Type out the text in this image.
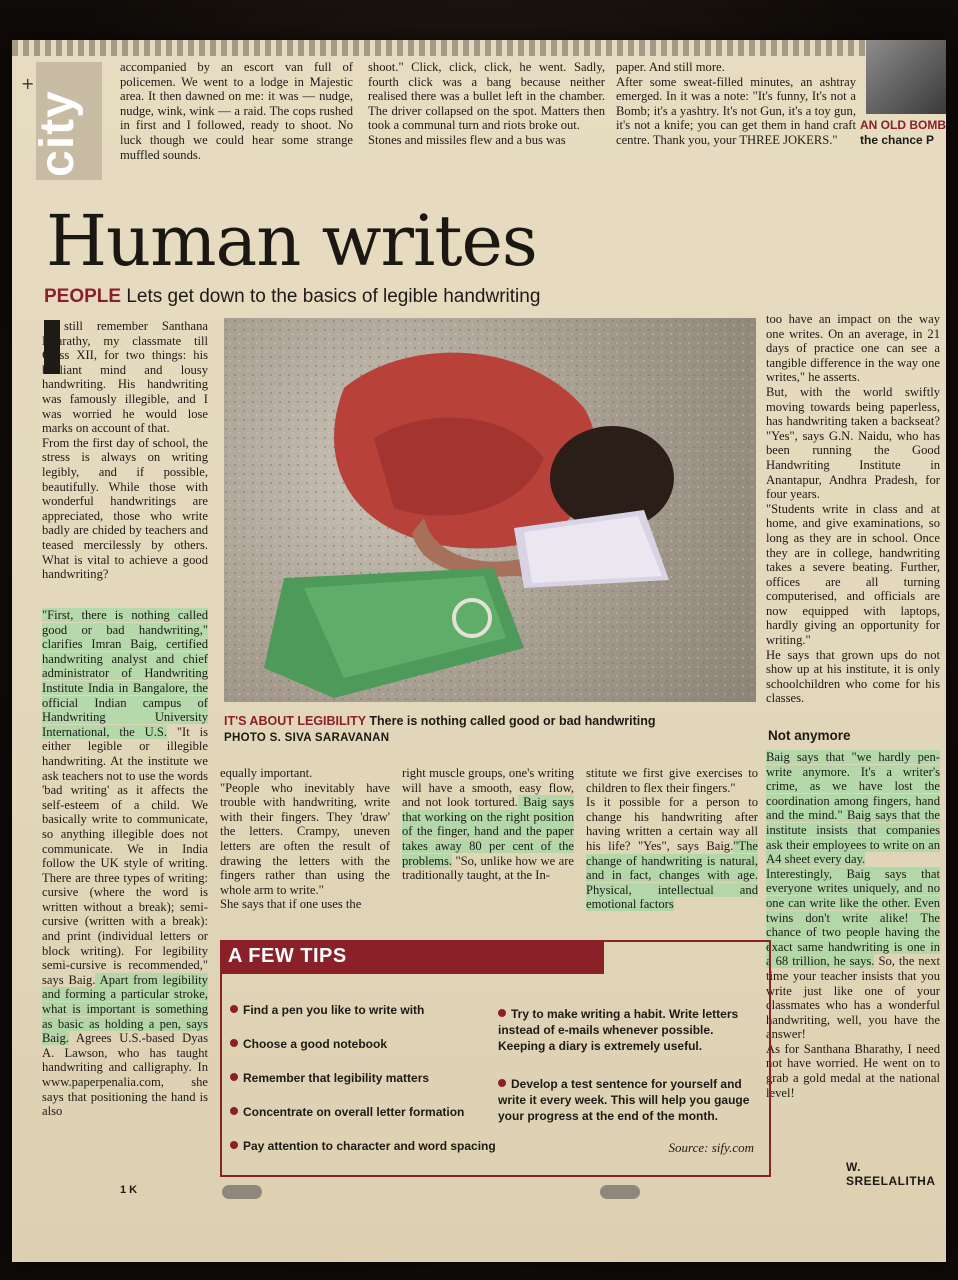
city
+
accompanied by an escort van full of policemen. We went to a lodge in Majestic area. It then dawned on me: it was — nudge, nudge, wink, wink — a raid. The cops rushed in first and I followed, ready to shoot. No luck though we could hear some strange muffled sounds.
shoot." Click, click, click, he went. Sadly, fourth click was a bang because neither realised there was a bullet left in the chamber. The driver collapsed on the spot. Matters then took a communal turn and riots broke out.
Stones and missiles flew and a bus was
paper. And still more.
After some sweat-filled minutes, an ashtray emerged. In it was a note: "It's funny, It's not a Bomb; it's a yashtry. It's not Gun, it's a toy gun, it's not a knife; you can get them in hand craft centre. Thank you, your THREE JOKERS."
AN OLD BOMB
the chance P
Human writes
PEOPLE Lets get down to the basics of legible handwriting
IT'S ABOUT LEGIBILITY There is nothing called good or bad handwriting
PHOTO S. SIVA SARAVANAN
still remember Santhana Bharathy, my classmate till Class XII, for two things: his brilliant mind and lousy handwriting. His handwriting was famously illegible, and I was worried he would lose marks on account of that.
From the first day of school, the stress is always on writing legibly, and if possible, beautifully. While those with wonderful handwritings are appreciated, those who write badly are chided by teachers and teased mercilessly by others. What is vital to achieve a good handwriting?
"First, there is nothing called good or bad handwriting," clarifies Imran Baig, certified handwriting analyst and chief administrator of Handwriting Institute India in Bangalore, the official Indian campus of Handwriting University International, the U.S. "It is either legible or illegible handwriting. At the institute we ask teachers not to use the words 'bad writing' as it affects the self-esteem of a child. We basically write to communicate, so anything illegible does not communicate. We in India follow the UK style of writing. There are three types of writing: cursive (where the word is written without a break); semi-cursive (written with a break): and print (individual letters or block writing). For legibility semi-cursive is recommended," says Baig. Apart from legibility and forming a particular stroke, what is important is something as basic as holding a pen, says Baig. Agrees U.S.-based Dyas A. Lawson, who has taught handwriting and calligraphy. In www.paperpenalia.com, she says that positioning the hand is also
equally important.
"People who inevitably have trouble with handwriting, write with their fingers. They 'draw' the letters. Crampy, uneven letters are often the result of drawing the letters with the fingers rather than using the whole arm to write."
She says that if one uses the
right muscle groups, one's writing will have a smooth, easy flow, and not look tortured. Baig says that working on the right position of the finger, hand and the paper takes away 80 per cent of the problems. "So, unlike how we are traditionally taught, at the In-
stitute we first give exercises to children to flex their fingers."
Is it possible for a person to change his handwriting after having written a certain way all his life? "Yes", says Baig."The change of handwriting is natural, and in fact, changes with age. Physical, intellectual and emotional factors
too have an impact on the way one writes. On an average, in 21 days of practice one can see a tangible difference in the way one writes," he asserts.
But, with the world swiftly moving towards being paperless, has handwriting taken a backseat? "Yes", says G.N. Naidu, who has been running the Good Handwriting Institute in Anantapur, Andhra Pradesh, for four years.
"Students write in class and at home, and give examinations, so long as they are in school. Once they are in college, handwriting takes a severe beating. Further, offices are all turning computerised, and officials are now equipped with laptops, hardly giving an opportunity for writing."
He says that grown ups do not show up at his institute, it is only schoolchildren who come for his classes.
Not anymore
Baig says that "we hardly pen-write anymore. It's a writer's crime, as we have lost the coordination among fingers, hand and the mind." Baig says that the institute insists that companies ask their employees to write on an A4 sheet every day.
Interestingly, Baig says that everyone writes uniquely, and no one can write like the other. Even twins don't write alike! The chance of two people having the exact same handwriting is one in a 68 trillion, he says. So, the next time your teacher insists that you write just like one of your classmates who has a wonderful handwriting, well, you have the answer!
As for Santhana Bharathy, I need not have worried. He went on to grab a gold medal at the national level!
W. SREELALITHA
A FEW TIPS
Find a pen you like to write with
Choose a good notebook
Remember that legibility matters
Concentrate on overall letter formation
Pay attention to character and word spacing
Try to make writing a habit. Write letters instead of e-mails whenever possible. Keeping a diary is extremely useful.
Develop a test sentence for yourself and write it every week. This will help you gauge your progress at the end of the month.
Source: sify.com
1 K
